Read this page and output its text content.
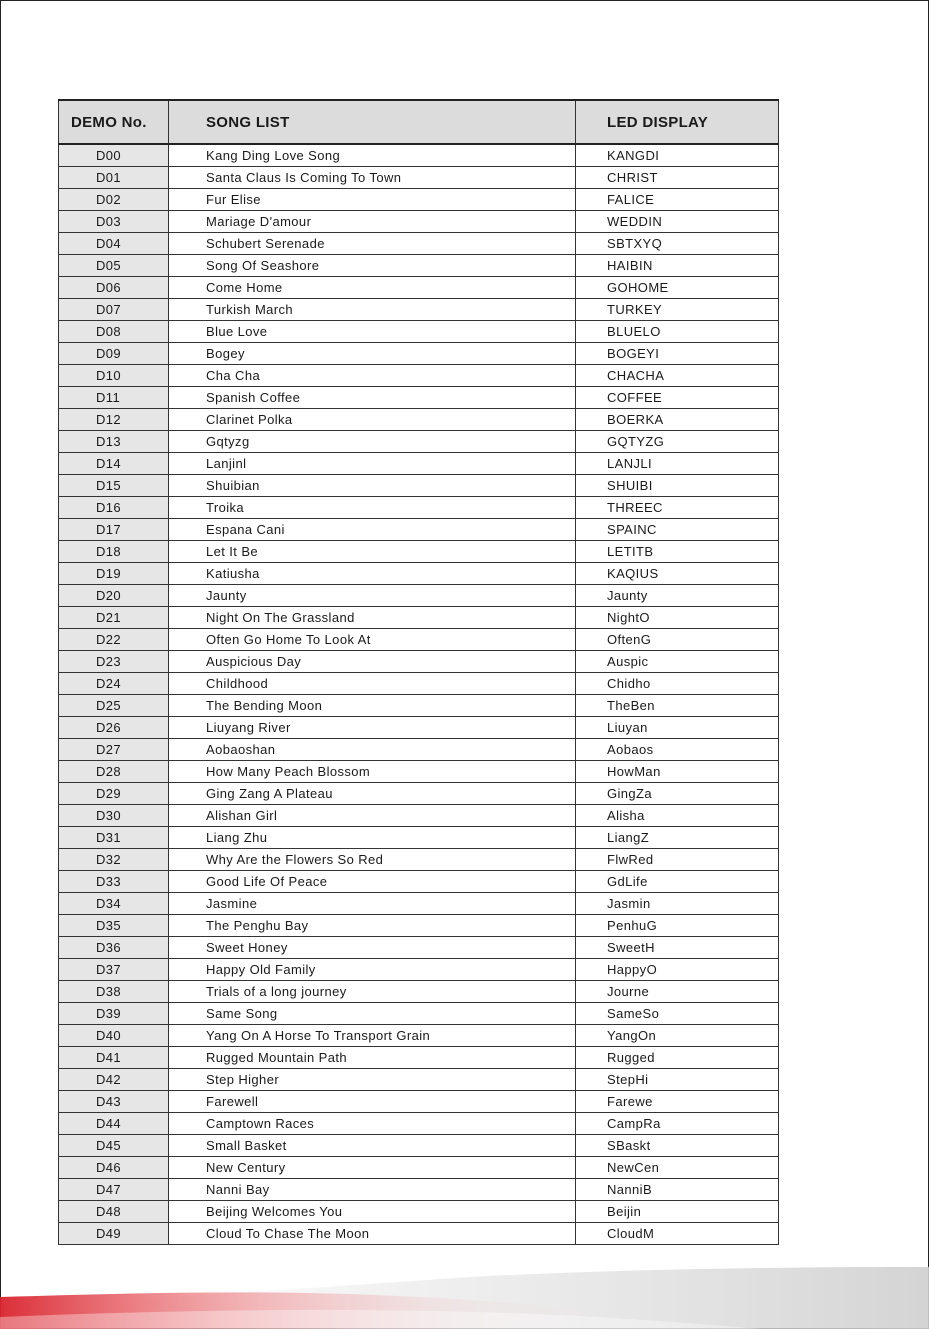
DEMO No.	SONG LIST	LED DISPLAY
D00	Kang Ding Love Song	KANGDI
D01	Santa Claus Is Coming To Town	CHRIST
D02	Fur Elise	FALICE
D03	Mariage D'amour	WEDDIN
D04	Schubert Serenade	SBTXYQ
D05	Song Of Seashore	HAIBIN
D06	Come Home	GOHOME
D07	Turkish March	TURKEY
D08	Blue Love	BLUELO
D09	Bogey	BOGEYI
D10	Cha Cha	CHACHA
D11	Spanish Coffee	COFFEE
D12	Clarinet Polka	BOERKA
D13	Gqtyzg	GQTYZG
D14	Lanjinl	LANJLI
D15	Shuibian	SHUIBI
D16	Troika	THREEC
D17	Espana Cani	SPAINC
D18	Let It Be	LETITB
D19	Katiusha	KAQIUS
D20	Jaunty	Jaunty
D21	Night On The Grassland	NightO
D22	Often Go Home To Look At	OftenG
D23	Auspicious Day	Auspic
D24	Childhood	Chidho
D25	The Bending Moon	TheBen
D26	Liuyang River	Liuyan
D27	Aobaoshan	Aobaos
D28	How Many Peach Blossom	HowMan
D29	Ging Zang A Plateau	GingZa
D30	Alishan Girl	Alisha
D31	Liang Zhu	LiangZ
D32	Why Are the Flowers So Red	FlwRed
D33	Good Life Of Peace	GdLife
D34	Jasmine	Jasmin
D35	The Penghu Bay	PenhuG
D36	Sweet Honey	SweetH
D37	Happy Old Family	HappyO
D38	Trials of a long journey	Journe
D39	Same Song	SameSo
D40	Yang On A Horse To Transport Grain	YangOn
D41	Rugged Mountain Path	Rugged
D42	Step Higher	StepHi
D43	Farewell	Farewe
D44	Camptown Races	CampRa
D45	Small Basket	SBaskt
D46	New Century	NewCen
D47	Nanni Bay	NanniB
D48	Beijing Welcomes You	Beijin
D49	Cloud To Chase The Moon	CloudM
